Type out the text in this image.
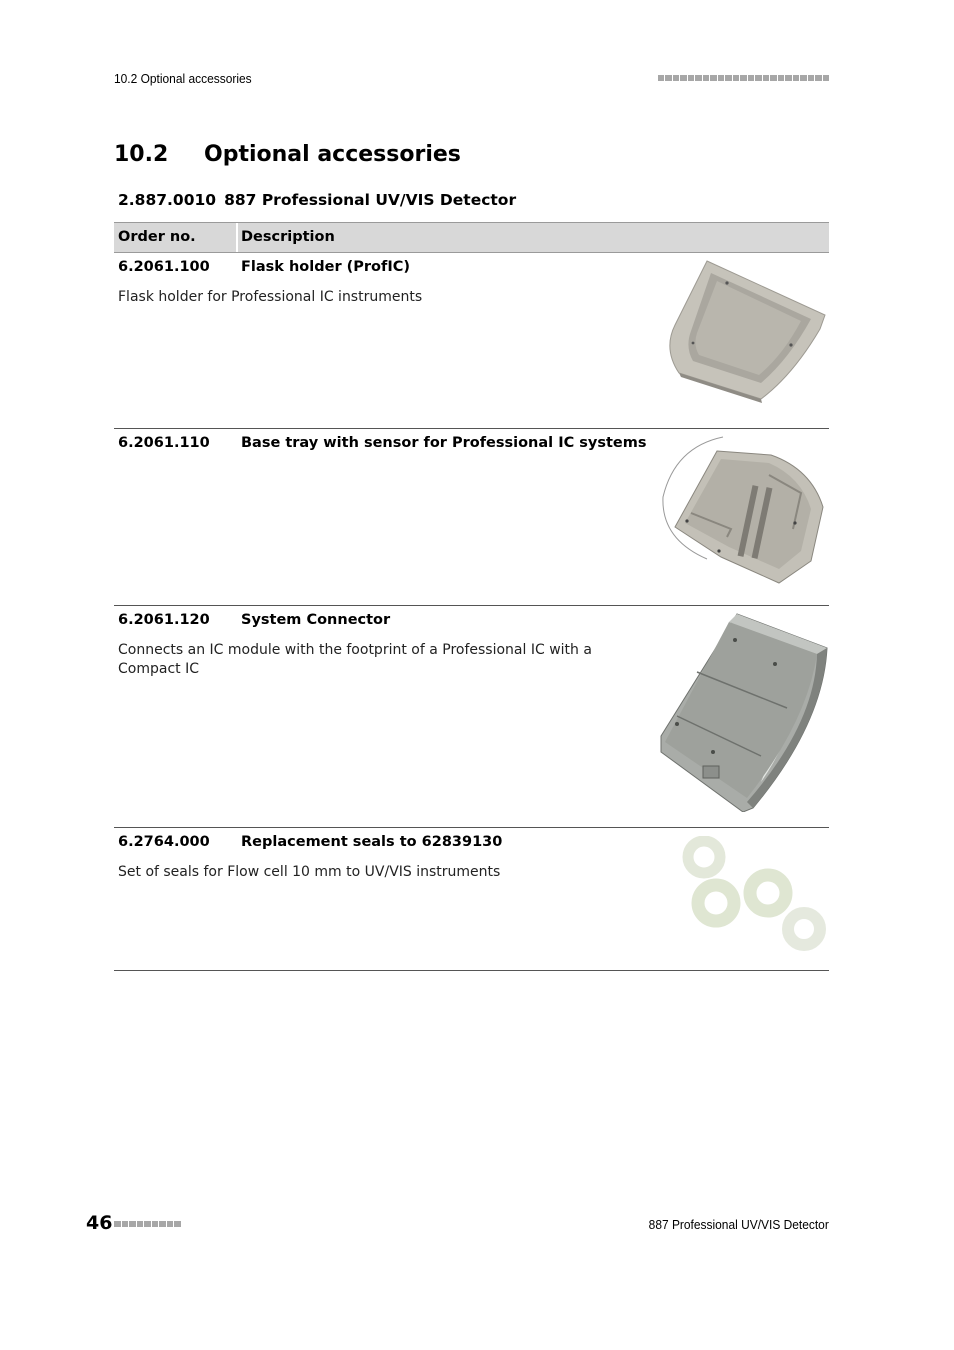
10.2 Optional accessories
10.2 Optional accessories
2.887.0010 887 Professional UV/VIS Detector
Order no.	Description
6.2061.100 Flask holder (ProfIC)
Flask holder for Professional IC instruments
6.2061.110 Base tray with sensor for Professional IC systems
6.2061.120 System Connector
Connects an IC module with the footprint of a Professional IC with a Compact IC
6.2764.000 Replacement seals to 62839130
Set of seals for Flow cell 10 mm to UV/VIS instruments
46	887 Professional UV/VIS Detector
